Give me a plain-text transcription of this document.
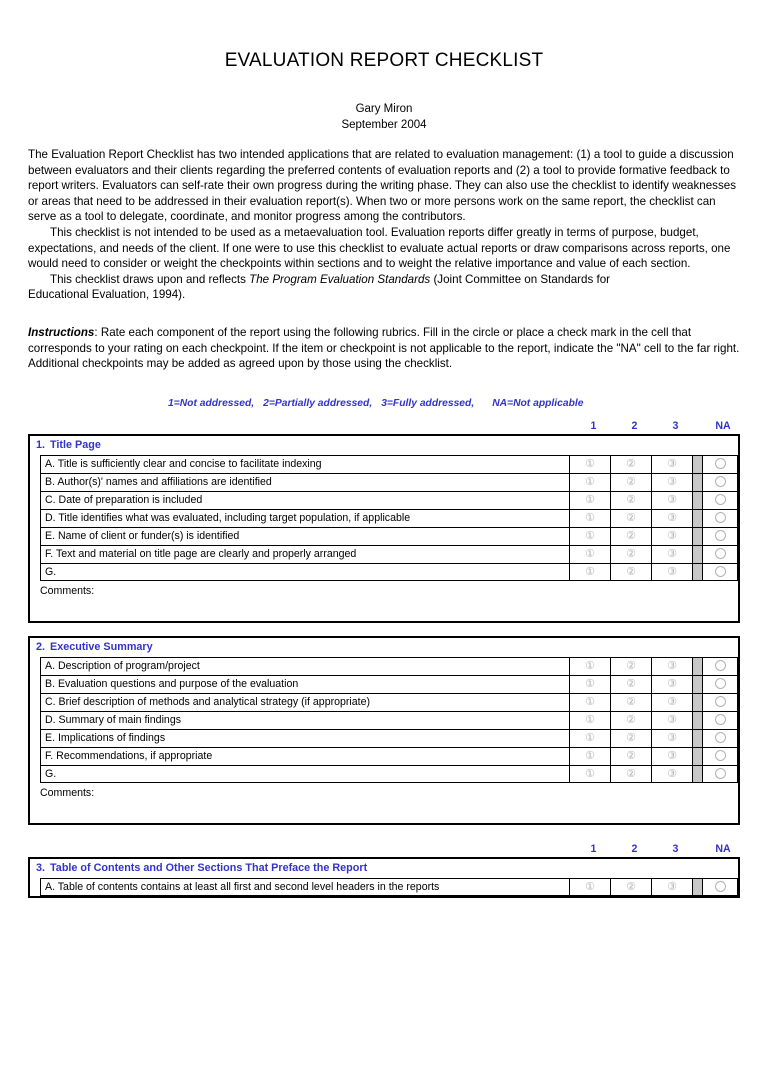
EVALUATION REPORT CHECKLIST
Gary Miron
September 2004

The Evaluation Report Checklist has two intended applications that are related to evaluation management: (1) a tool to guide a discussion between evaluators and their clients regarding the preferred contents of evaluation reports and (2) a tool to provide formative feedback to report writers. Evaluators can self-rate their own progress during the writing phase. They can also use the checklist to identify weaknesses or areas that need to be addressed in their evaluation report(s). When two or more persons work on the same report, the checklist can serve as a tool to delegate, coordinate, and monitor progress among the contributors.

This checklist is not intended to be used as a metaevaluation tool. Evaluation reports differ greatly in terms of purpose, budget, expectations, and needs of the client. If one were to use this checklist to evaluate actual reports or draw comparisons across reports, one would need to consider or weight the checkpoints within sections and to weight the relative importance and value of each section.

This checklist draws upon and reflects The Program Evaluation Standards (Joint Committee on Standards for

Educational Evaluation, 1994).

Instructions: Rate each component of the report using the following rubrics. Fill in the circle or place a check mark in the cell that corresponds to your rating on each checkpoint. If the item or checkpoint is not applicable to the report, indicate the "NA" cell to the far right. Additional checkpoints may be added as agreed upon by those using the checklist.
1=Not addressed, 2=Partially addressed, 3=Fully addressed, NA=Not applicable
1	2	3	NA
1. Title Page
A. Title is sufficiently clear and concise to facilitate indexing	①	②	③
B. Author(s)' names and affiliations are identified	①	②	③
C. Date of preparation is included	①	②	③
D. Title identifies what was evaluated, including target population, if applicable	①	②	③
E. Name of client or funder(s) is identified	①	②	③
F. Text and material on title page are clearly and properly arranged	①	②	③
G.	①	②	③
Comments:
2. Executive Summary
A. Description of program/project	①	②	③
B. Evaluation questions and purpose of the evaluation	①	②	③
C. Brief description of methods and analytical strategy (if appropriate)	①	②	③
D. Summary of main findings	①	②	③
E. Implications of findings	①	②	③
F. Recommendations, if appropriate	①	②	③
G.	①	②	③
Comments:
1	2	3	NA
3. Table of Contents and Other Sections That Preface the Report
A. Table of contents contains at least all first and second level headers in the reports	①	②	③
